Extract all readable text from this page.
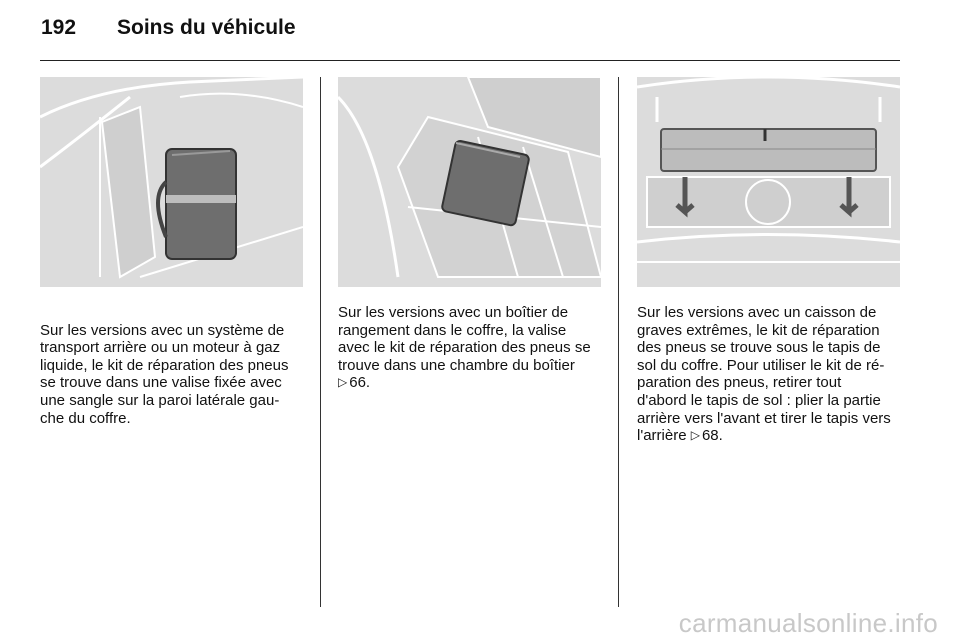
192 Soins du véhicule

Sur les versions avec un système de
transport arrière ou un moteur à gaz
liquide, le kit de réparation des pneus
se trouve dans une valise fixée avec
une sangle sur la paroi latérale gau-
che du coffre.

Sur les versions avec un boîtier de
rangement dans le coffre, la valise
avec le kit de réparation des pneus se
trouve dans une chambre du boîtier
▷ 66.
Sur les versions avec un caisson de
graves extrêmes, le kit de réparation
des pneus se trouve sous le tapis de
sol du coffre. Pour utiliser le kit de ré-
paration des pneus, retirer tout
d'abord le tapis de sol : plier la partie
arrière vers l'avant et tirer le tapis vers
l'arrière ▷ 68.
carmanualsonline.info
